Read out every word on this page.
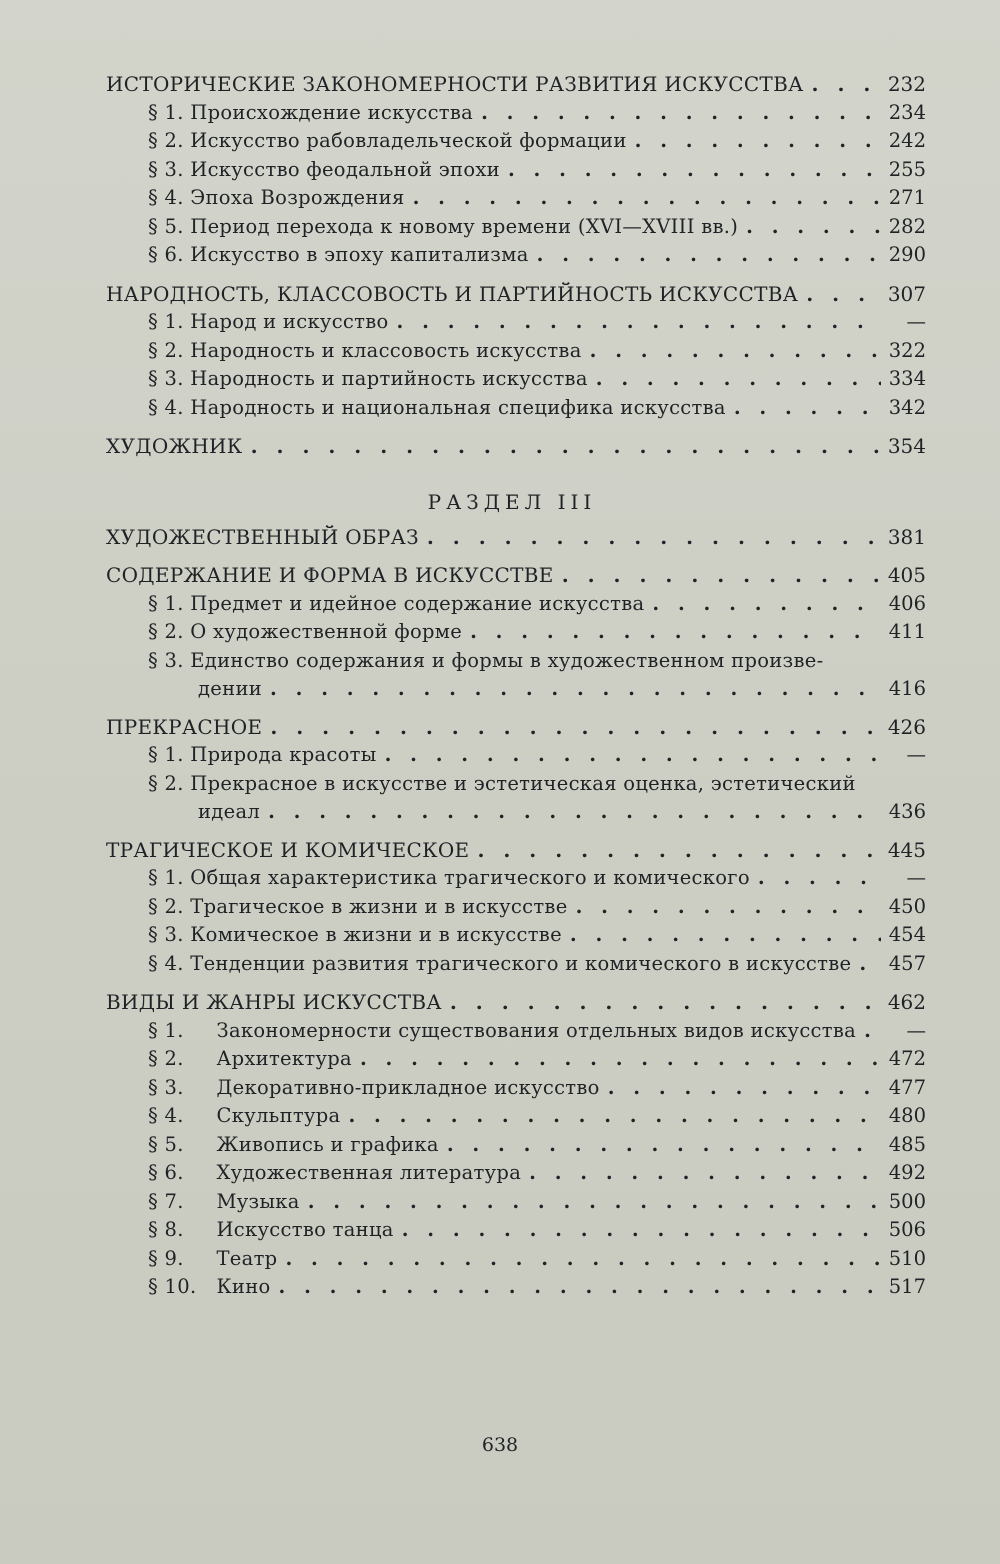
ИСТОРИЧЕСКИЕ ЗАКОНОМЕРНОСТИ РАЗВИТИЯ ИСКУССТВА . . .	232
§ 1. Происхождение искусства . . .	234
§ 2. Искусство рабовладельческой формации . . .	242
§ 3. Искусство феодальной эпохи . . .	255
§ 4. Эпоха Возрождения . . .	271
§ 5. Период перехода к новому времени (XVI—XVIII вв.) . . .	282
§ 6. Искусство в эпоху капитализма . . .	290
НАРОДНОСТЬ, КЛАССОВОСТЬ И ПАРТИЙНОСТЬ ИСКУССТВА . . .	307
§ 1. Народ и искусство . . .	—
§ 2. Народность и классовость искусства . . .	322
§ 3. Народность и партийность искусства . . .	334
§ 4. Народность и национальная специфика искусства . . .	342
ХУДОЖНИК . . .	354
РАЗДЕЛ III
ХУДОЖЕСТВЕННЫЙ ОБРАЗ . . .	381
СОДЕРЖАНИЕ И ФОРМА В ИСКУССТВЕ . . .	405
§ 1. Предмет и идейное содержание искусства . . .	406
§ 2. О художественной форме . . .	411
§ 3. Единство содержания и формы в художественном произве-
дении . . .	416
ПРЕКРАСНОЕ . . .	426
§ 1. Природа красоты . . .	—
§ 2. Прекрасное в искусстве и эстетическая оценка, эстетический
идеал . . .	436
ТРАГИЧЕСКОЕ И КОМИЧЕСКОЕ . . .	445
§ 1. Общая характеристика трагического и комического . . .	—
§ 2. Трагическое в жизни и в искусстве . . .	450
§ 3. Комическое в жизни и в искусстве . . .	454
§ 4. Тенденции развития трагического и комического в искусстве . . . 457
ВИДЫ И ЖАНРЫ ИСКУССТВА . . .	462
§ 1. Закономерности существования отдельных видов искусства . . .	—
§ 2. Архитектура . . .	472
§ 3. Декоративно-прикладное искусство . . .	477
§ 4. Скульптура . . .	480
§ 5. Живопись и графика . . .	485
§ 6. Художественная литература . . .	492
§ 7. Музыка . . .	500
§ 8. Искусство танца . . .	506
§ 9. Театр . . .	510
§ 10. Кино . . .	517
638
